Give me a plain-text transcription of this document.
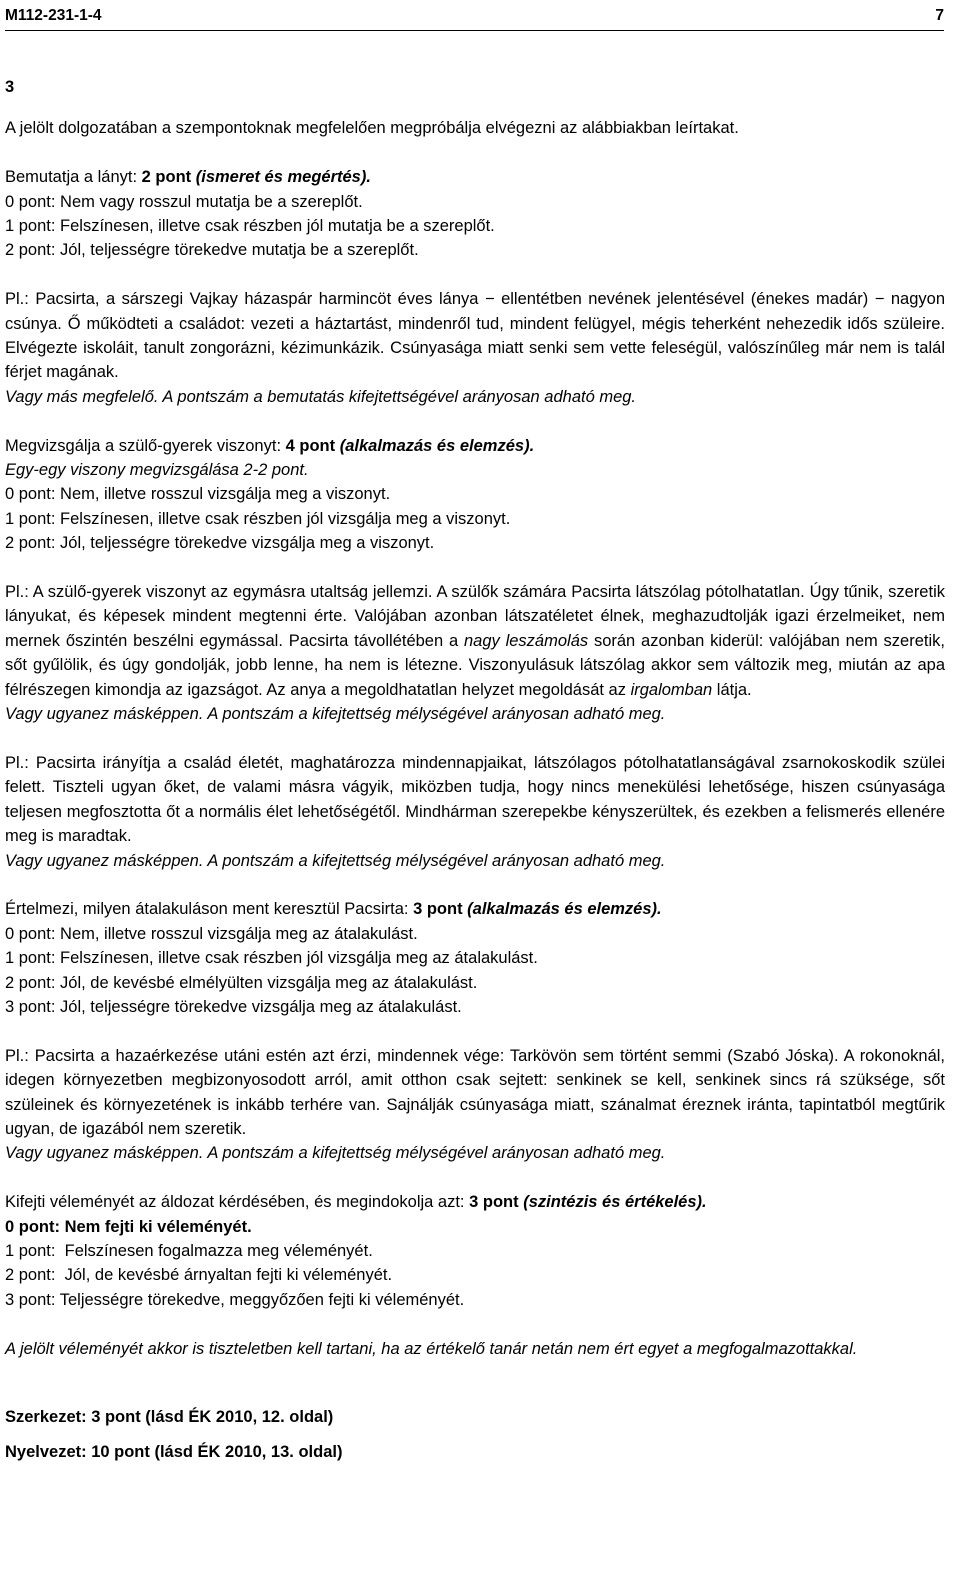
M112-231-1-4	7

3

A jelölt dolgozatában a szempontoknak megfelelően megpróbálja elvégezni az alábbiakban leírtakat.

Bemutatja a lányt: 2 pont (ismeret és megértés).

0 pont: Nem vagy rosszul mutatja be a szereplőt.

1 pont: Felszínesen, illetve csak részben jól mutatja be a szereplőt.

2 pont: Jól, teljességre törekedve mutatja be a szereplőt.

Pl.: Pacsirta, a sárszegi Vajkay házaspár harmincöt éves lánya − ellentétben nevének jelentésével (énekes madár) − nagyon csúnya. Ő működteti a családot: vezeti a háztartást, mindenről tud, mindent felügyel, mégis teherként nehezedik idős szüleire. Elvégezte iskoláit, tanult zongorázni, kézimunkázik. Csúnyasága miatt senki sem vette feleségül, valószínűleg már nem is talál férjet magának.

Vagy más megfelelő. A pontszám a bemutatás kifejtettségével arányosan adható meg.

Megvizsgálja a szülő-gyerek viszonyt: 4 pont (alkalmazás és elemzés).

Egy-egy viszony megvizsgálása 2-2 pont.

0 pont: Nem, illetve rosszul vizsgálja meg a viszonyt.

1 pont: Felszínesen, illetve csak részben jól vizsgálja meg a viszonyt.

2 pont: Jól, teljességre törekedve vizsgálja meg a viszonyt.

Pl.: A szülő-gyerek viszonyt az egymásra utaltság jellemzi. A szülők számára Pacsirta látszólag pótolhatatlan. Úgy tűnik, szeretik lányukat, és képesek mindent megtenni érte. Valójában azonban látszatéletet élnek, meghazudtolják igazi érzelmeiket, nem mernek őszintén beszélni egymással. Pacsirta távollétében a nagy leszámolás során azonban kiderül: valójában nem szeretik, sőt gyűlölik, és úgy gondolják, jobb lenne, ha nem is létezne. Viszonyulásuk látszólag akkor sem változik meg, miután az apa félrészegen kimondja az igazságot. Az anya a megoldhatatlan helyzet megoldását az irgalomban látja.

Vagy ugyanez másképpen. A pontszám a kifejtettség mélységével arányosan adható meg.

Pl.: Pacsirta irányítja a család életét, maghatározza mindennapjaikat, látszólagos pótolhatatlanságával zsarnokoskodik szülei felett. Tiszteli ugyan őket, de valami másra vágyik, miközben tudja, hogy nincs menekülési lehetősége, hiszen csúnyasága teljesen megfosztotta őt a normális élet lehetőségétől. Mindhárman szerepekbe kényszerültek, és ezekben a felismerés ellenére meg is maradtak.

Vagy ugyanez másképpen. A pontszám a kifejtettség mélységével arányosan adható meg.

Értelmezi, milyen átalakuláson ment keresztül Pacsirta: 3 pont (alkalmazás és elemzés).

0 pont: Nem, illetve rosszul vizsgálja meg az átalakulást.

1 pont: Felszínesen, illetve csak részben jól vizsgálja meg az átalakulást.

2 pont: Jól, de kevésbé elmélyülten vizsgálja meg az átalakulást.

3 pont: Jól, teljességre törekedve vizsgálja meg az átalakulást.

Pl.: Pacsirta a hazaérkezése utáni estén azt érzi, mindennek vége: Tarkövön sem történt semmi (Szabó Jóska). A rokonoknál, idegen környezetben megbizonyosodott arról, amit otthon csak sejtett: senkinek se kell, senkinek sincs rá szüksége, sőt szüleinek és környezetének is inkább terhére van. Sajnálják csúnyasága miatt, szánalmat éreznek iránta, tapintatból megtűrik ugyan, de igazából nem szeretik.

Vagy ugyanez másképpen. A pontszám a kifejtettség mélységével arányosan adható meg.

Kifejti véleményét az áldozat kérdésében, és megindokolja azt: 3 pont (szintézis és értékelés).

0 pont: Nem fejti ki véleményét.

1 pont:  Felszínesen fogalmazza meg véleményét.

2 pont:  Jól, de kevésbé árnyaltan fejti ki véleményét.

3 pont: Teljességre törekedve, meggyőzően fejti ki véleményét.

A jelölt véleményét akkor is tiszteletben kell tartani, ha az értékelő tanár netán nem ért egyet a megfogalmazottakkal.

Szerkezet: 3 pont (lásd ÉK 2010, 12. oldal)

Nyelvezet: 10 pont (lásd ÉK 2010, 13. oldal)
